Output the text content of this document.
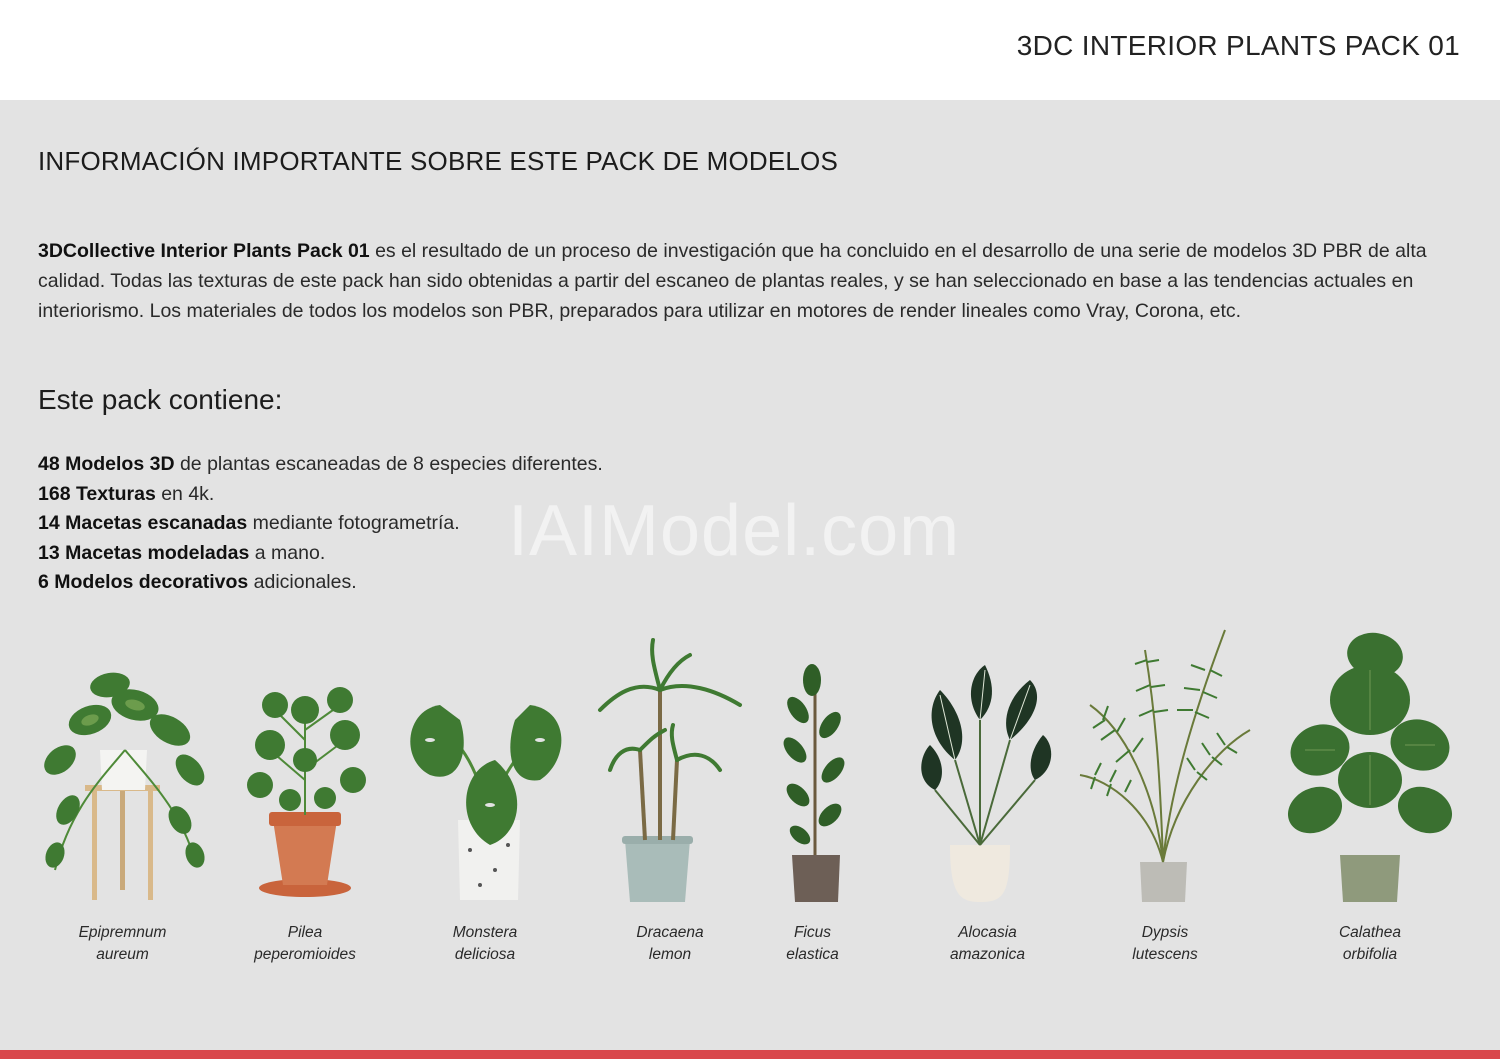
3DC INTERIOR PLANTS PACK 01
INFORMACIÓN IMPORTANTE SOBRE ESTE PACK DE MODELOS
3DCollective Interior Plants Pack 01 es el resultado de un proceso de investigación que ha concluido en el desarrollo de una serie de modelos 3D PBR de alta calidad. Todas las texturas de este pack han sido obtenidas a partir del escaneo de plantas reales, y se han seleccionado en base a las tendencias actuales en interiorismo. Los materiales de todos los modelos son PBR, preparados para utilizar en motores de render lineales como Vray, Corona, etc.
Este pack contiene:
48 Modelos 3D de plantas escaneadas de 8 especies diferentes.
168 Texturas en 4k.
14 Macetas escanadas mediante fotogrametría.
13 Macetas modeladas a mano.
6 Modelos decorativos adicionales.
IAIModel.com
Epipremnum
aureum
Pilea
peperomioides
Monstera
deliciosa
Dracaena
lemon
Ficus
elastica
Alocasia
amazonica
Dypsis
lutescens
Calathea
orbifolia
